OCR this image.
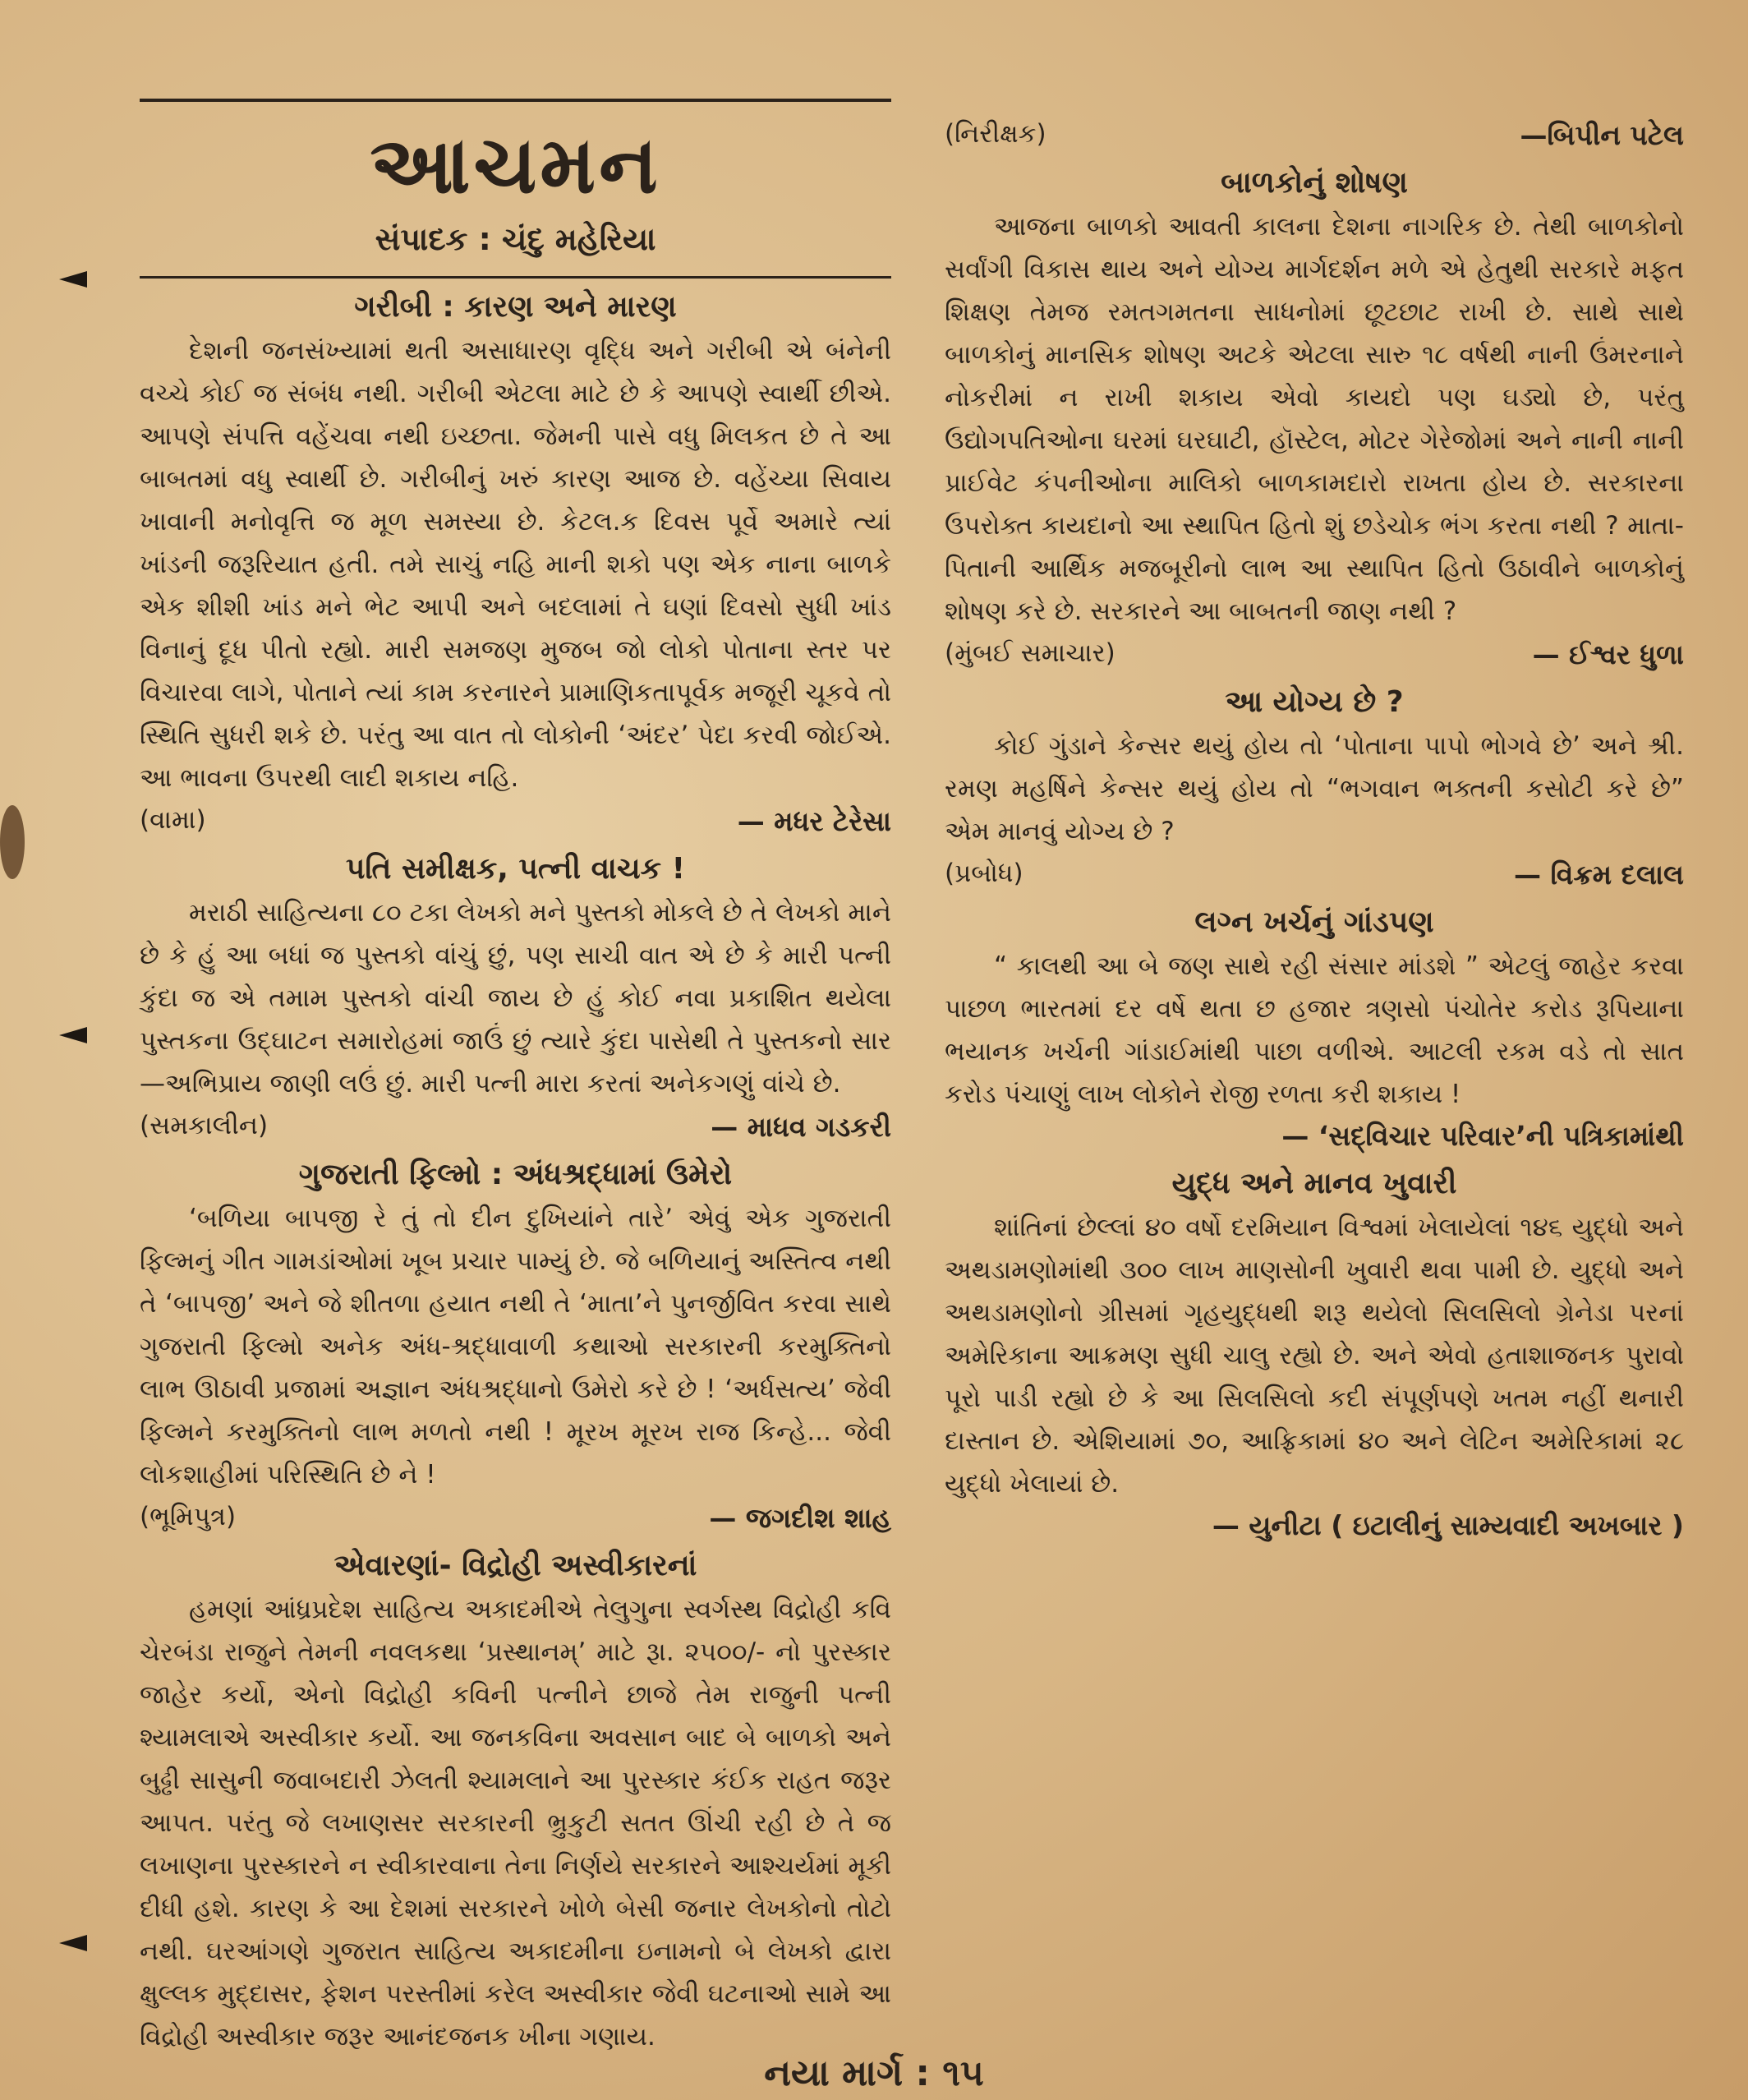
આચમન
સંપાદક : ચંદુ મહેરિયા
ગરીબી : કારણ અને મારણ

દેશની જનસંખ્યામાં થતી અસાધારણ વૃદ્ધિ અને ગરીબી એ બંનેની વચ્ચે કોઈ જ સંબંધ નથી. ગરીબી એટલા માટે છે કે આપણે સ્વાર્થી છીએ. આપણે સંપત્તિ વહેંચવા નથી ઇચ્છતા. જેમની પાસે વધુ મિલકત છે તે આ બાબતમાં વધુ સ્વાર્થી છે. ગરીબીનું ખરું કારણ આજ છે. વહેંચ્યા સિવાય ખાવાની મનોવૃત્તિ જ મૂળ સમસ્યા છે. કેટલ.ક દિવસ પૂર્વે અમારે ત્યાં ખાંડની જરૂરિયાત હતી. તમે સાચું નહિ માની શકો પણ એક નાના બાળકે એક શીશી ખાંડ મને ભેટ આપી અને બદલામાં તે ઘણાં દિવસો સુધી ખાંડ વિનાનું દૂધ પીતો રહ્યો. મારી સમજણ મુજબ જો લોકો પોતાના સ્તર પર વિચારવા લાગે, પોતાને ત્યાં કામ કરનારને પ્રામાણિકતાપૂર્વક મજૂરી ચૂકવે તો સ્થિતિ સુધરી શકે છે. પરંતુ આ વાત તો લોકોની ‘અંદર’ પેદા કરવી જોઈએ. આ ભાવના ઉપરથી લાદી શકાય નહિ.

(વામા)	— મધર ટેરેસા
પતિ સમીક્ષક, પત્ની વાચક !

મરાઠી સાહિત્યના ૮૦ ટકા લેખકો મને પુસ્તકો મોકલે છે તે લેખકો માને છે કે હું આ બધાં જ પુસ્તકો વાંચું છું, પણ સાચી વાત એ છે કે મારી પત્ની કુંદા જ એ તમામ પુસ્તકો વાંચી જાય છે હું કોઈ નવા પ્રકાશિત થયેલા પુસ્તકના ઉદ્‌ઘાટન સમારોહમાં જાઉં છું ત્યારે કુંદા પાસેથી તે પુસ્તકનો સાર—અભિપ્રાય જાણી લઉં છું. મારી પત્ની મારા કરતાં અનેકગણું વાંચે છે.

(સમકાલીન)	— માધવ ગડકરી
ગુજરાતી ફિલ્મો : અંધશ્રદ્ધામાં ઉમેરો

‘બળિયા બાપજી રે તું તો દીન દુખિયાંને તારે’ એવું એક ગુજરાતી ફિલ્મનું ગીત ગામડાંઓમાં ખૂબ પ્રચાર પામ્યું છે. જે બળિયાનું અસ્તિત્વ નથી તે ‘બાપજી’ અને જે શીતળા હયાત નથી તે ‘માતા’ને પુનર્જીવિત કરવા સાથે ગુજરાતી ફિલ્મો અનેક અંધ-શ્રદ્ધાવાળી કથાઓ સરકારની કરમુક્તિનો લાભ ઊઠાવી પ્રજામાં અજ્ઞાન અંધશ્રદ્ધાનો ઉમેરો કરે છે ! ‘અર્ધસત્ય’ જેવી ફિલ્મને કરમુક્તિનો લાભ મળતો નથી ! મૂરખ મૂરખ રાજ કિન્હે... જેવી લોકશાહીમાં પરિસ્થિતિ છે ને !

(ભૂમિપુત્ર)	— જગદીશ શાહ
એવારણાં- વિદ્રોહી અસ્વીકારનાં

હમણાં આંધ્રપ્રદેશ સાહિત્ય અકાદમીએ તેલુગુના સ્વર્ગસ્થ વિદ્રોહી કવિ ચેરબંડા રાજુને તેમની નવલકથા ‘પ્રસ્થાનમ્’ માટે રૂા. ૨૫૦૦/- નો પુરસ્કાર જાહેર કર્યો, એનો વિદ્રોહી કવિની પત્નીને છાજે તેમ રાજુની પત્ની શ્યામલાએ અસ્વીકાર કર્યો. આ જનકવિના અવસાન બાદ બે બાળકો અને બુઢ્ઢી સાસુની જવાબદારી ઝેલતી શ્યામલાને આ પુરસ્કાર કંઈક રાહત જરૂર આપત. પરંતુ જે લખાણસર સરકારની ભ્રુકુટી સતત ઊંચી રહી છે તે જ લખાણના પુરસ્કારને ન સ્વીકારવાના તેના નિર્ણયે સરકારને આશ્ચર્યમાં મૂકી દીધી હશે. કારણ કે આ દેશમાં સરકારને ખોળે બેસી જનાર લેખકોનો તોટો નથી. ઘરઆંગણે ગુજરાત સાહિત્ય અકાદમીના ઇનામનો બે લેખકો દ્વારા ક્ષુલ્લક મુદ્દાસર, ફેશન પરસ્તીમાં કરેલ અસ્વીકાર જેવી ઘટનાઓ સામે આ વિદ્રોહી અસ્વીકાર જરૂર આનંદજનક ખીના ગણાય.

(નિરીક્ષક)	—બિપીન પટેલ
બાળકોનું શોષણ

આજના બાળકો આવતી કાલના દેશના નાગરિક છે. તેથી બાળકોનો સર્વાંગી વિકાસ થાય અને યોગ્ય માર્ગદર્શન મળે એ હેતુથી સરકારે મફત શિક્ષણ તેમજ રમતગમતના સાધનોમાં છૂટછાટ રાખી છે. સાથે સાથે બાળકોનું માનસિક શોષણ અટકે એટલા સારુ ૧૮ વર્ષથી નાની ઉંમરનાને નોકરીમાં ન રાખી શકાય એવો કાયદો પણ ઘડ્યો છે, પરંતુ ઉદ્યોગપતિઓના ઘરમાં ઘરઘાટી, હૉસ્ટેલ, મોટર ગેરેજોમાં અને નાની નાની પ્રાઈવેટ કંપનીઓના માલિકો બાળકામદારો રાખતા હોય છે. સરકારના ઉપરોક્ત કાયદાનો આ સ્થાપિત હિતો શું છડેચોક ભંગ કરતા નથી ? માતા-પિતાની આર્થિક મજબૂરીનો લાભ આ સ્થાપિત હિતો ઉઠાવીને બાળકોનું શોષણ કરે છે. સરકારને આ બાબતની જાણ નથી ?

(મુંબઈ સમાચાર)	— ઈશ્વર ધુળા
આ યોગ્ય છે ?

કોઈ ગુંડાને કેન્સર થયું હોય તો ‘પોતાના પાપો ભોગવે છે’ અને શ્રી. રમણ મહર્ષિને કેન્સર થયું હોય તો “ભગવાન ભક્તની કસોટી કરે છે” એમ માનવું યોગ્ય છે ?

(પ્રબોધ)	— વિક્રમ દલાલ
લગ્ન ખર્ચનું ગાંડપણ

“ કાલથી આ બે જણ સાથે રહી સંસાર માંડશે ” એટલું જાહેર કરવા પાછળ ભારતમાં દર વર્ષે થતા છ હજાર ત્રણસો પંચોતેર કરોડ રૂપિયાના ભયાનક ખર્ચની ગાંડાઈમાંથી પાછા વળીએ. આટલી રકમ વડે તો સાત કરોડ પંચાણું લાખ લોકોને રોજી રળતા કરી શકાય !

— ‘સદ્‌વિચાર પરિવાર’ની પત્રિકામાંથી
યુદ્ધ અને માનવ ખુવારી

શાંતિનાં છેલ્લાં ૪૦ વર્ષો દરમિયાન વિશ્વમાં ખેલાયેલાં ૧૪૬ યુદ્ધો અને અથડામણોમાંથી ૩૦૦ લાખ માણસોની ખુવારી થવા પામી છે. યુદ્ધો અને અથડામણોનો ગ્રીસમાં ગૃહયુદ્ધથી શરૂ થયેલો સિલસિલો ગ્રેનેડા પરનાં અમેરિકાના આક્રમણ સુધી ચાલુ રહ્યો છે. અને એવો હતાશાજનક પુરાવો પૂરો પાડી રહ્યો છે કે આ સિલસિલો કદી સંપૂર્ણપણે ખતમ નહીં થનારી દાસ્તાન છે. એશિયામાં ૭૦, આફ્રિકામાં ૪૦ અને લેટિન અમેરિકામાં ૨૮ યુદ્ધો ખેલાયાં છે.

— યુનીટા ( ઇટાલીનું સામ્યવાદી અખબાર )
નયા માર્ગ : ૧૫
